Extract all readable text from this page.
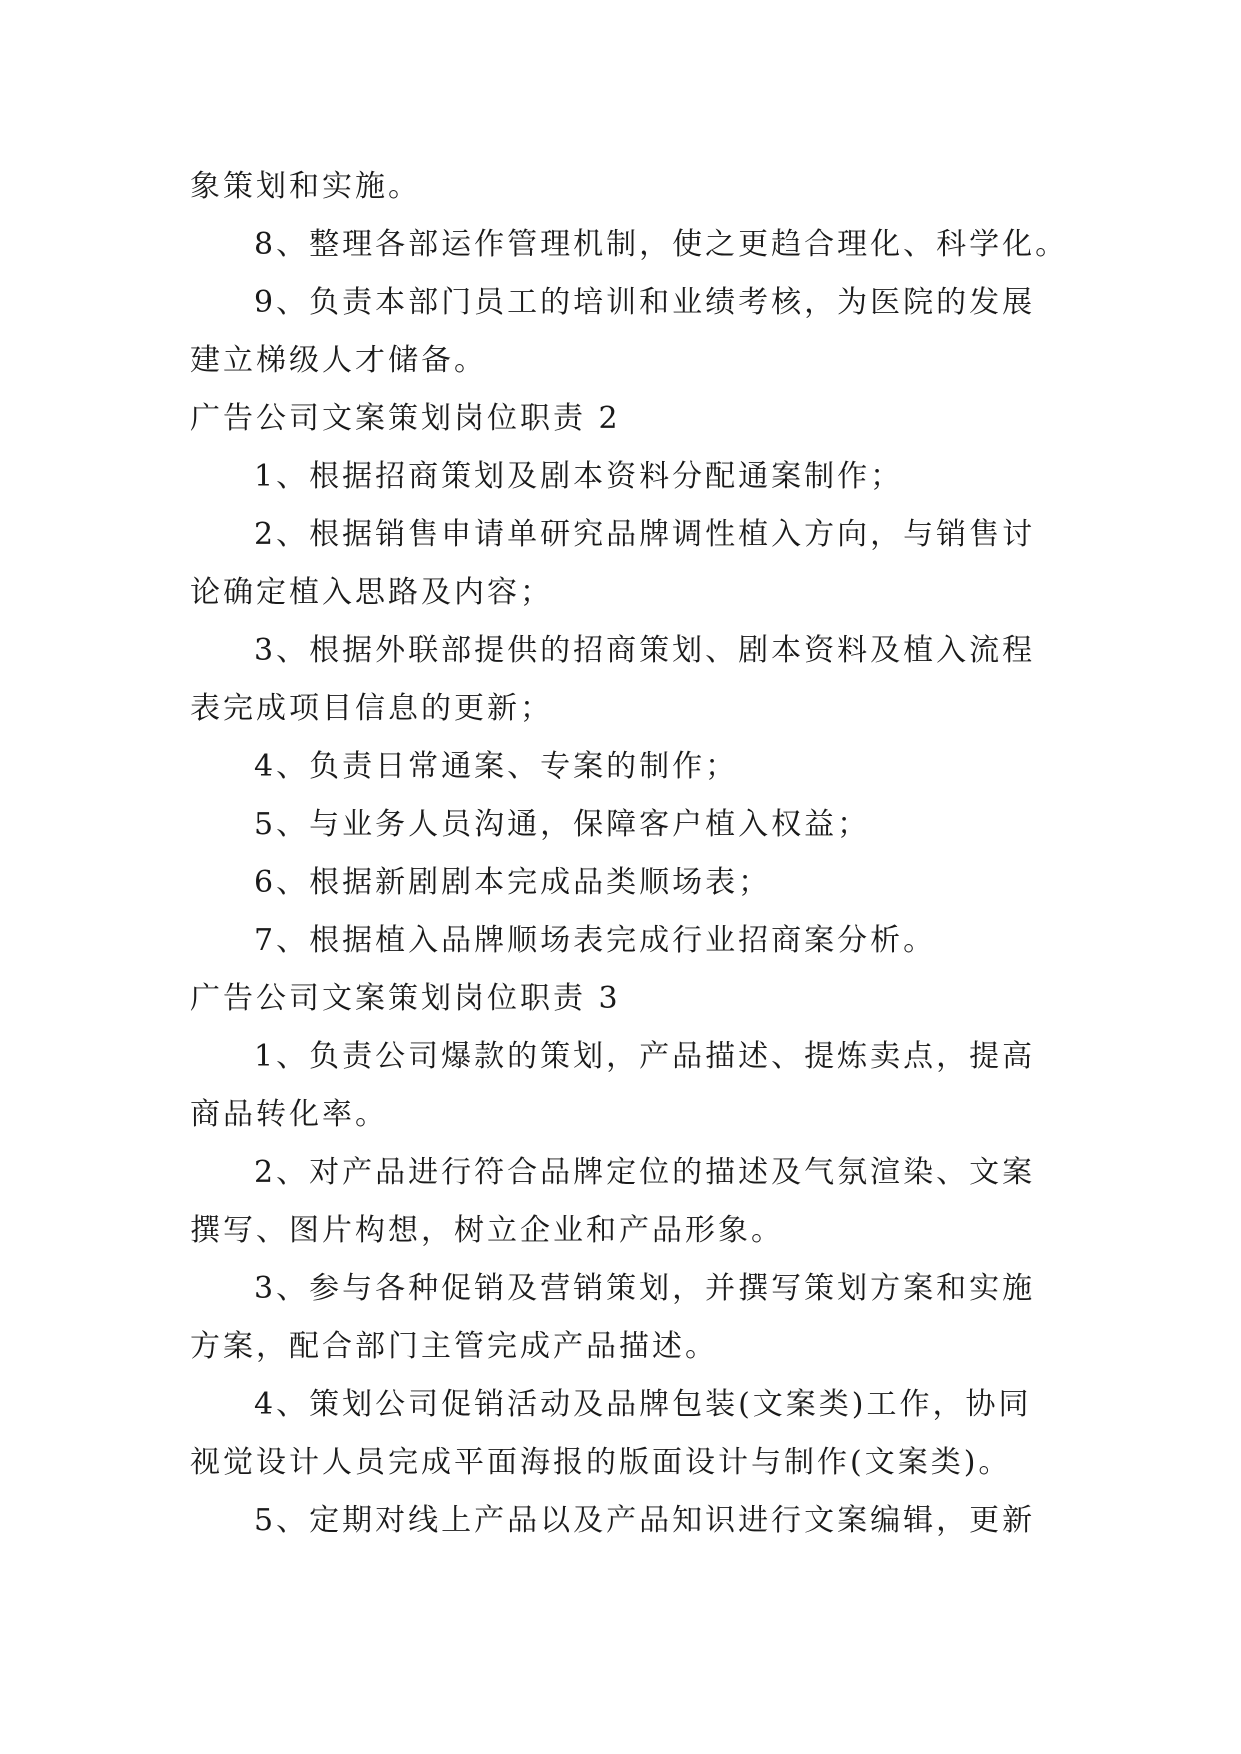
象策划和实施。
8、整理各部运作管理机制，使之更趋合理化、科学化。
9、负责本部门员工的培训和业绩考核，为医院的发展
建立梯级人才储备。
广告公司文案策划岗位职责 2
1、根据招商策划及剧本资料分配通案制作；
2、根据销售申请单研究品牌调性植入方向，与销售讨
论确定植入思路及内容；
3、根据外联部提供的招商策划、剧本资料及植入流程
表完成项目信息的更新；
4、负责日常通案、专案的制作；
5、与业务人员沟通，保障客户植入权益；
6、根据新剧剧本完成品类顺场表；
7、根据植入品牌顺场表完成行业招商案分析。
广告公司文案策划岗位职责 3
1、负责公司爆款的策划，产品描述、提炼卖点，提高
商品转化率。
2、对产品进行符合品牌定位的描述及气氛渲染、文案
撰写、图片构想，树立企业和产品形象。
3、参与各种促销及营销策划，并撰写策划方案和实施
方案，配合部门主管完成产品描述。
4、策划公司促销活动及品牌包装(文案类)工作，协同
视觉设计人员完成平面海报的版面设计与制作(文案类)。
5、定期对线上产品以及产品知识进行文案编辑，更新
